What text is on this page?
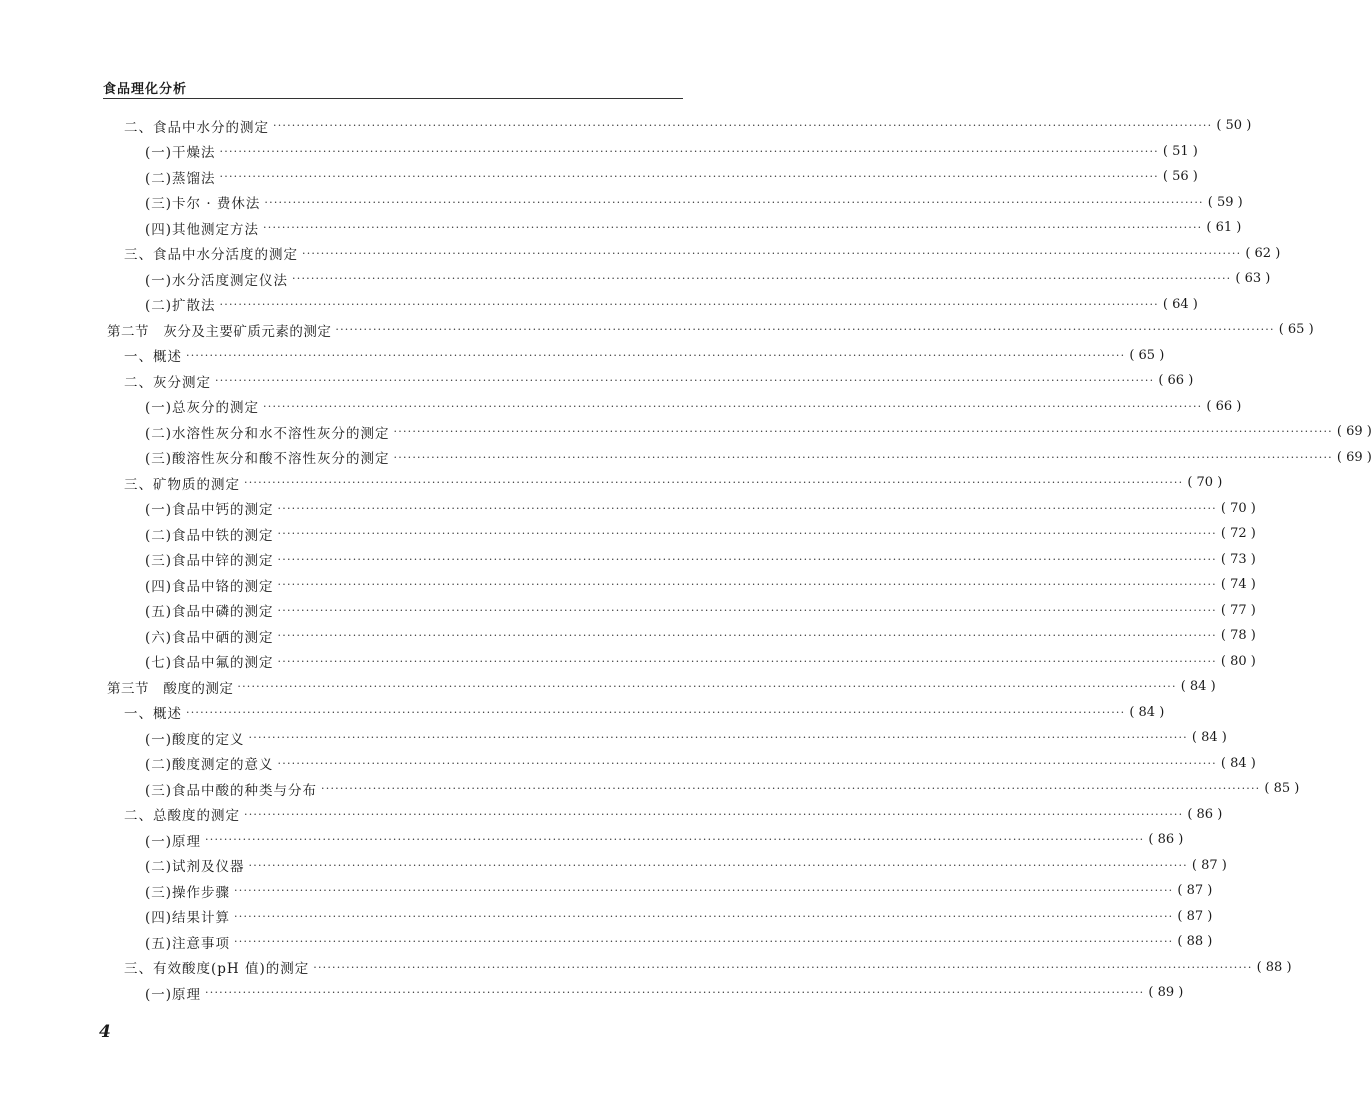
食品理化分析
二、食品中水分的测定 ········································································································································································································ ( 50 )
(一)干燥法 ········································································································································································································ ( 51 )
(二)蒸馏法 ········································································································································································································ ( 56 )
(三)卡尔 · 费休法 ········································································································································································································ ( 59 )
(四)其他测定方法 ········································································································································································································ ( 61 )
三、食品中水分活度的测定 ········································································································································································································ ( 62 )
(一)水分活度测定仪法 ········································································································································································································ ( 63 )
(二)扩散法 ········································································································································································································ ( 64 )
第二节   灰分及主要矿质元素的测定 ········································································································································································································ ( 65 )
一、概述 ········································································································································································································ ( 65 )
二、灰分测定 ········································································································································································································ ( 66 )
(一)总灰分的测定 ········································································································································································································ ( 66 )
(二)水溶性灰分和水不溶性灰分的测定 ········································································································································································································ ( 69 )
(三)酸溶性灰分和酸不溶性灰分的测定 ········································································································································································································ ( 69 )
三、矿物质的测定 ········································································································································································································ ( 70 )
(一)食品中钙的测定 ········································································································································································································ ( 70 )
(二)食品中铁的测定 ········································································································································································································ ( 72 )
(三)食品中锌的测定 ········································································································································································································ ( 73 )
(四)食品中铬的测定 ········································································································································································································ ( 74 )
(五)食品中磷的测定 ········································································································································································································ ( 77 )
(六)食品中硒的测定 ········································································································································································································ ( 78 )
(七)食品中氟的测定 ········································································································································································································ ( 80 )
第三节   酸度的测定 ········································································································································································································ ( 84 )
一、概述 ········································································································································································································ ( 84 )
(一)酸度的定义 ········································································································································································································ ( 84 )
(二)酸度测定的意义 ········································································································································································································ ( 84 )
(三)食品中酸的种类与分布 ········································································································································································································ ( 85 )
二、总酸度的测定 ········································································································································································································ ( 86 )
(一)原理 ········································································································································································································ ( 86 )
(二)试剂及仪器 ········································································································································································································ ( 87 )
(三)操作步骤 ········································································································································································································ ( 87 )
(四)结果计算 ········································································································································································································ ( 87 )
(五)注意事项 ········································································································································································································ ( 88 )
三、有效酸度(pH 值)的测定 ········································································································································································································ ( 88 )
(一)原理 ········································································································································································································ ( 89 )
4
